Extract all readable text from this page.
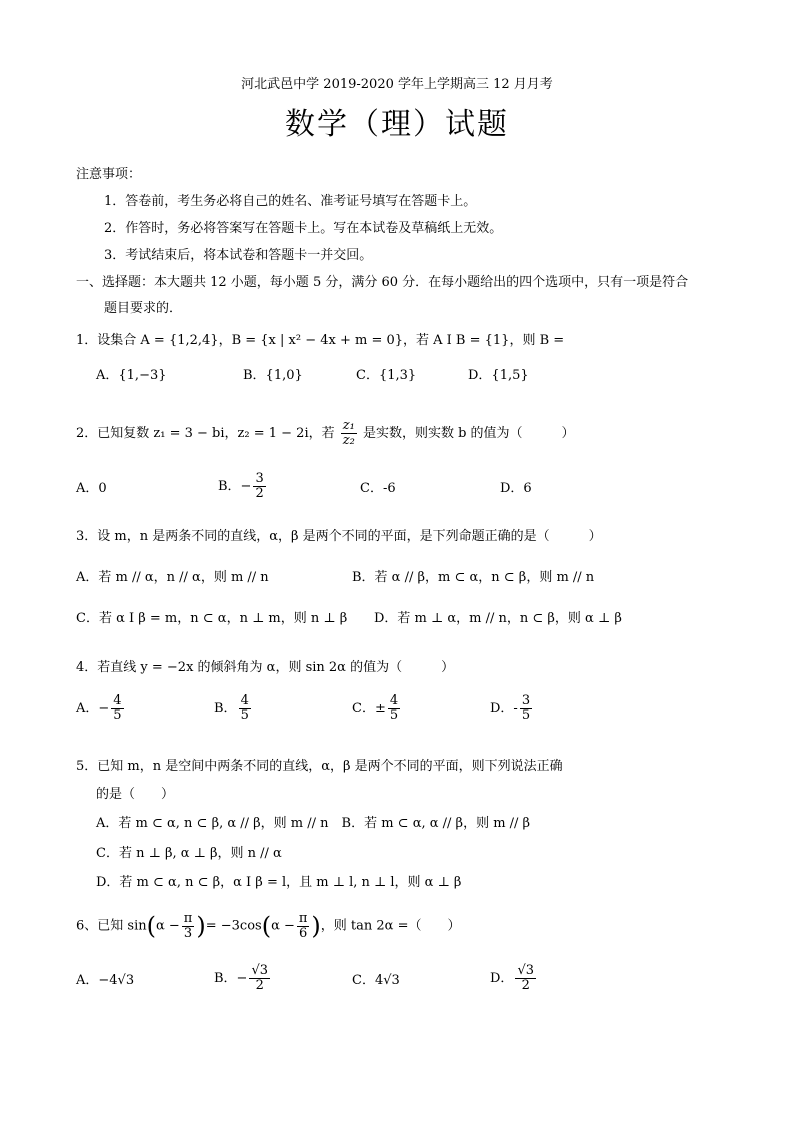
河北武邑中学 2019-2020 学年上学期高三 12 月月考
数学（理）试题
注意事项：
1．答卷前，考生务必将自己的姓名、准考证号填写在答题卡上。
2．作答时，务必将答案写在答题卡上。写在本试卷及草稿纸上无效。
3．考试结束后，将本试卷和答题卡一并交回。
一、选择题：本大题共 12 小题，每小题 5 分，满分 60 分．在每小题给出的四个选项中，只有一项是符合
题目要求的．
1．设集合 A = {1,2,4}，B = {x | x² − 4x + m = 0}，若 A I B = {1}，则 B =
A．{1,−3}	B．{1,0}	C．{1,3}	D．{1,5}
2．已知复数 z₁ = 3 − bi，z₂ = 1 − 2i，若 $\frac{\text{z₁}}{\text{z₂}}$ 是实数，则实数 b 的值为（　　　）
A．0	B．− $\frac{3}{2}$	C．-6	D．6
3．设 m，n 是两条不同的直线，α，β 是两个不同的平面，是下列命题正确的是（　　　）
A．若 m // α，n // α，则 m // n	B．若 α // β，m ⊂ α，n ⊂ β，则 m // n
C．若 α I β = m，n ⊂ α，n ⊥ m，则 n ⊥ β D．若 m ⊥ α，m // n，n ⊂ β，则 α ⊥ β
4．若直线 y = −2x 的倾斜角为 α，则 sin 2α 的值为（　　　）
A．− $\frac{4}{5}$	B． $\frac{4}{5}$	C．± $\frac{4}{5}$	D．- $\frac{3}{5}$
5．已知 m，n 是空间中两条不同的直线，α，β 是两个不同的平面，则下列说法正确
的是（　　）
A．若 m ⊂ α, n ⊂ β, α // β，则 m // n　B．若 m ⊂ α, α // β，则 m // β
C．若 n ⊥ β, α ⊥ β，则 n // α
D．若 m ⊂ α, n ⊂ β，α I β = l，且 m ⊥ l, n ⊥ l，则 α ⊥ β
6、已知 $\sin(\alpha - \frac{\pi}{3}$ )= $-3\cos(\alpha - \frac{\pi}{6}$ )，则 tan 2α =（　　）
A．−4√3	B．− $\frac{√3}{2}$	C．4√3	D． $\frac{√3}{2}$
